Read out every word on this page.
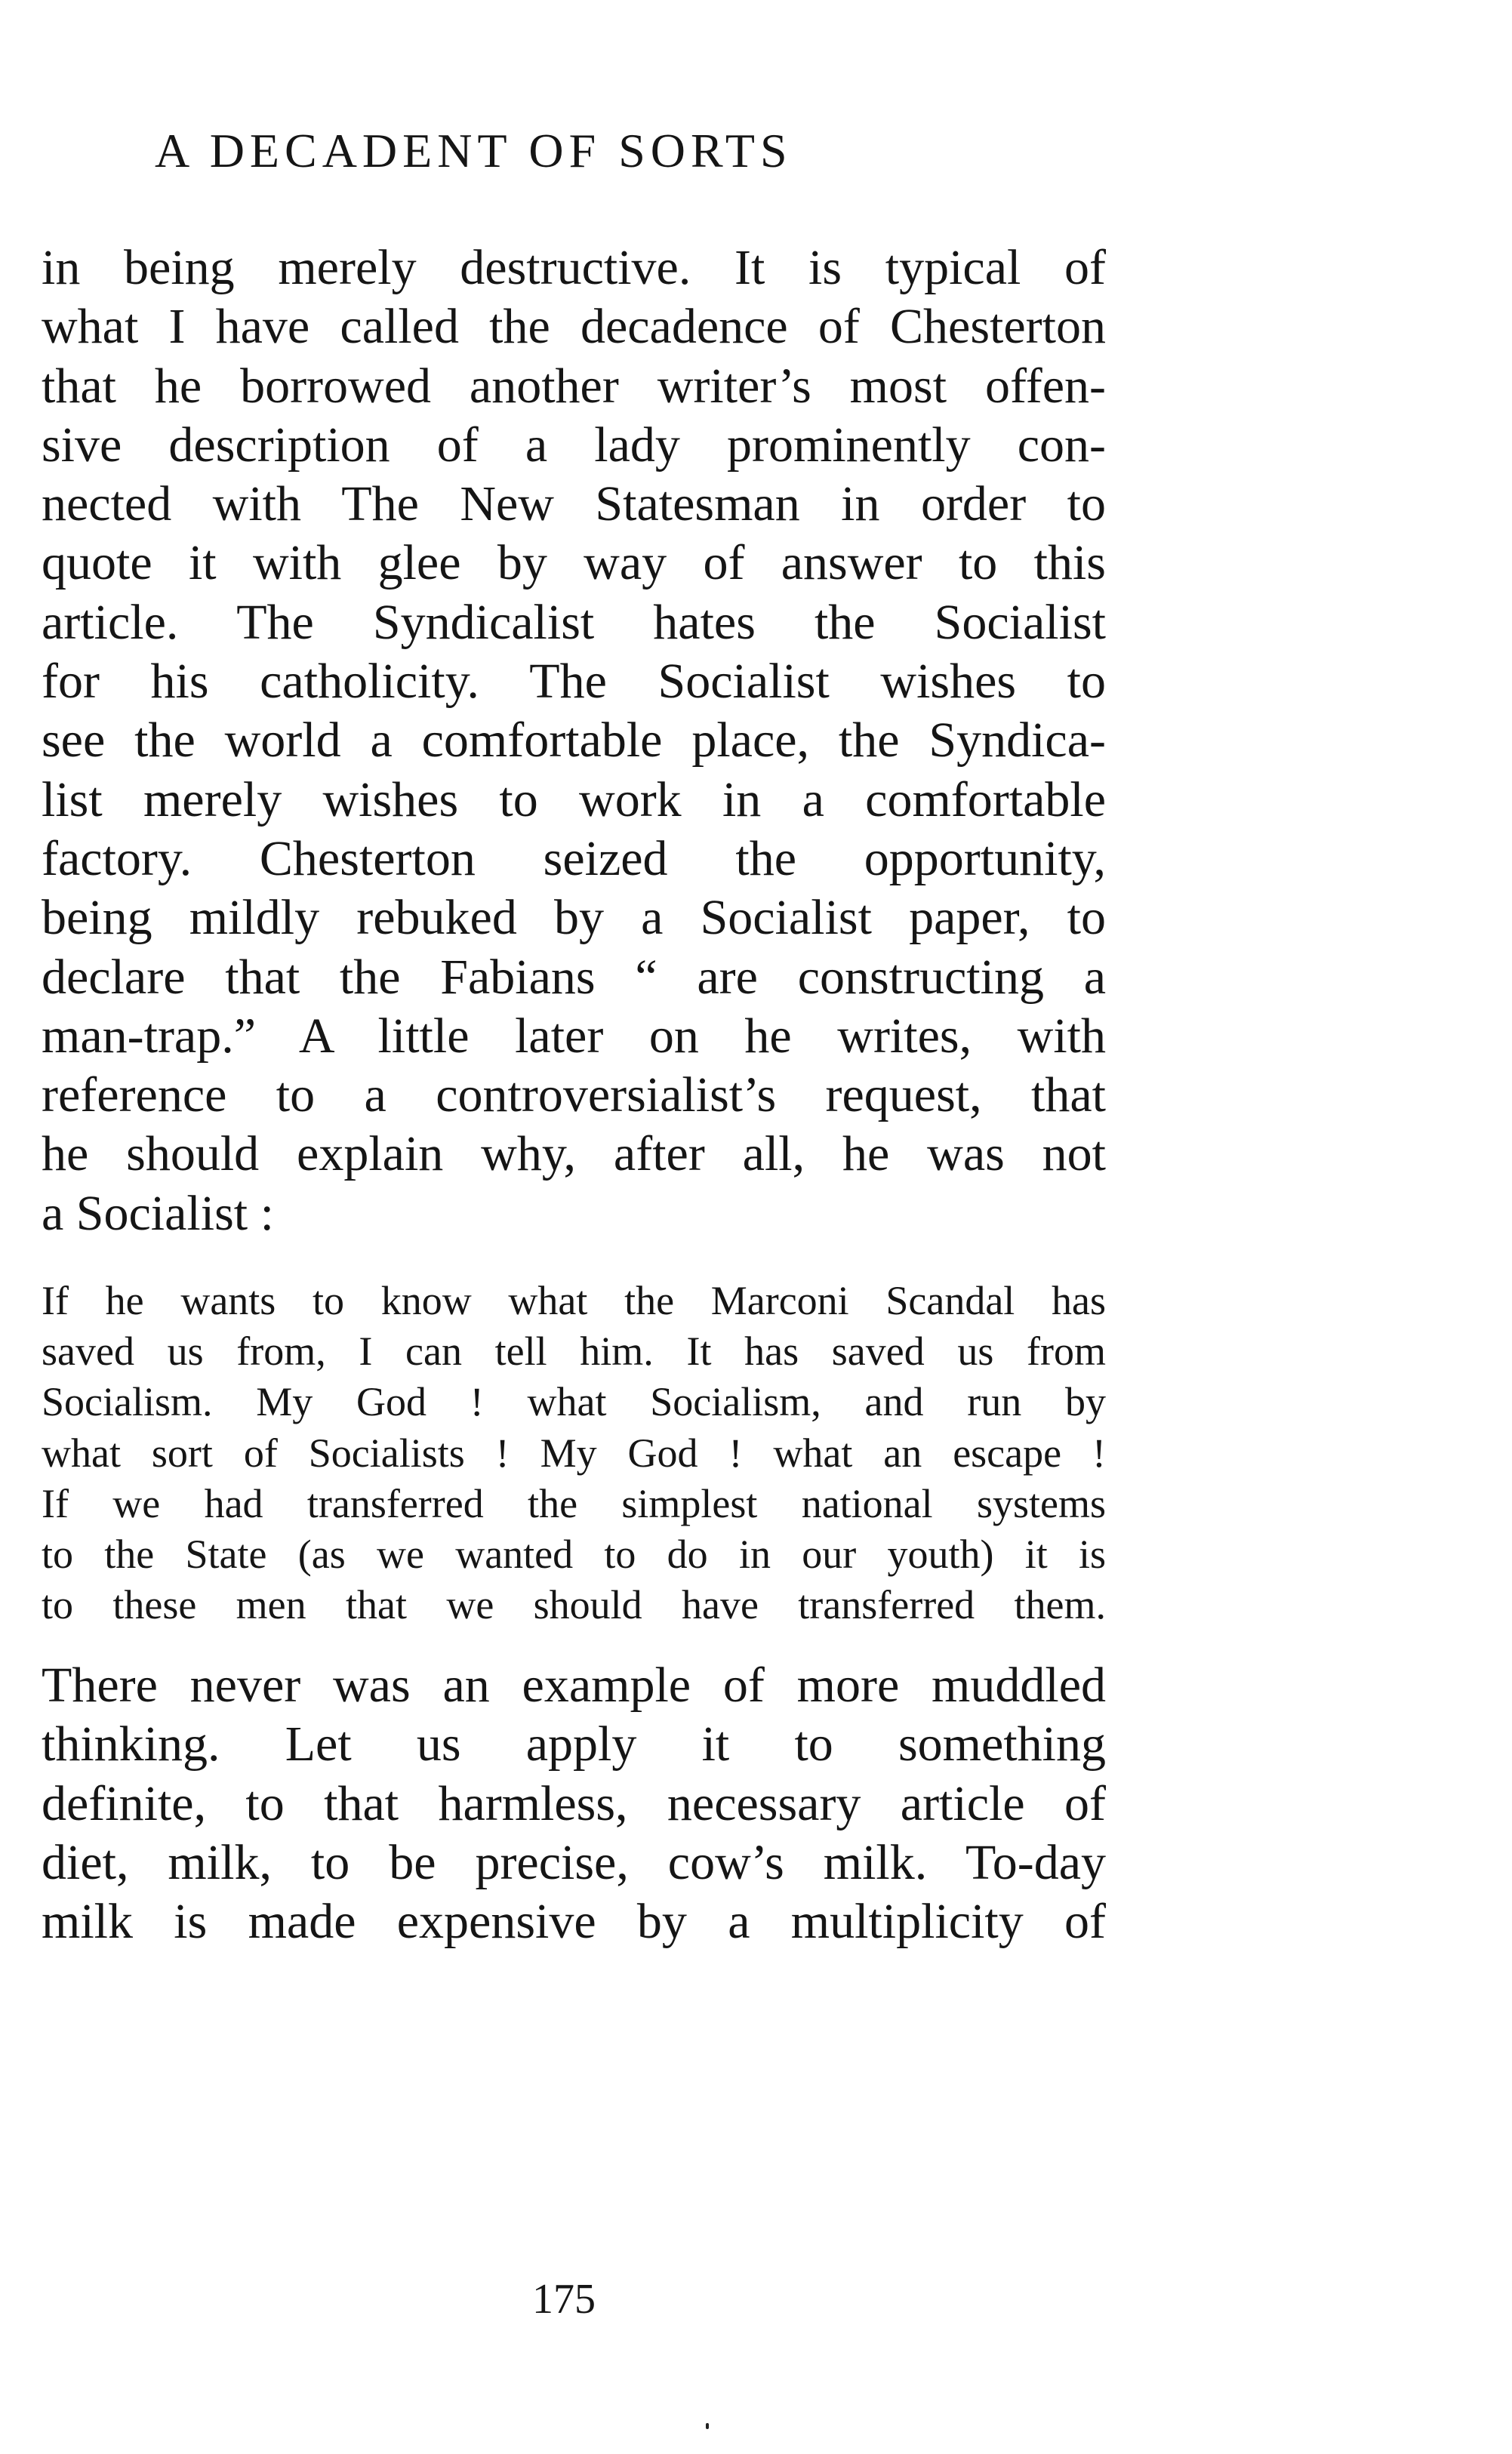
A DECADENT OF SORTS
in being merely destructive. It is typical of
what I have called the decadence of Chesterton
that he borrowed another writer’s most offen-
sive description of a lady prominently con-
nected with The New Statesman in order to
quote it with glee by way of answer to this
article. The Syndicalist hates the Socialist
for his catholicity. The Socialist wishes to
see the world a comfortable place, the Syndica-
list merely wishes to work in a comfortable
factory. Chesterton seized the opportunity,
being mildly rebuked by a Socialist paper, to
declare that the Fabians “ are constructing a
man-trap.” A little later on he writes, with
reference to a controversialist’s request, that
he should explain why, after all, he was not
a Socialist :
If he wants to know what the Marconi Scandal has
saved us from, I can tell him. It has saved us from
Socialism. My God ! what Socialism, and run by
what sort of Socialists ! My God ! what an escape !
If we had transferred the simplest national systems
to the State (as we wanted to do in our youth) it is
to these men that we should have transferred them.
There never was an example of more muddled
thinking. Let us apply it to something
definite, to that harmless, necessary article of
diet, milk, to be precise, cow’s milk. To-day
milk is made expensive by a multiplicity of
175
